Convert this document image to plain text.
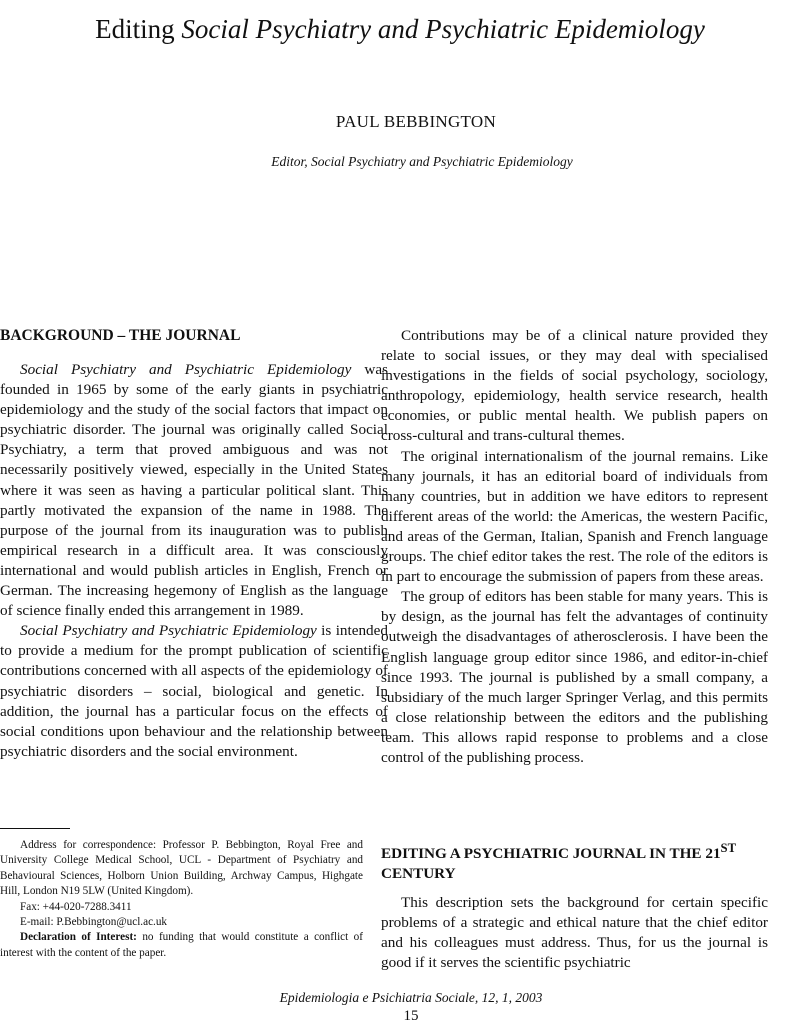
Editing Social Psychiatry and Psychiatric Epidemiology
PAUL BEBBINGTON
Editor, Social Psychiatry and Psychiatric Epidemiology
BACKGROUND – THE JOURNAL

Social Psychiatry and Psychiatric Epidemiology was founded in 1965 by some of the early giants in psychiatric epidemiology and the study of the social factors that impact on psychiatric disorder. The journal was originally called Social Psychiatry, a term that proved ambiguous and was not necessarily positively viewed, especially in the United States where it was seen as having a particular political slant. This partly motivated the expansion of the name in 1988. The purpose of the journal from its inauguration was to publish empirical research in a difficult area. It was consciously international and would publish articles in English, French or German. The increasing hegemony of English as the language of science finally ended this arrangement in 1989.

Social Psychiatry and Psychiatric Epidemiology is intended to provide a medium for the prompt publication of scientific contributions concerned with all aspects of the epidemiology of psychiatric disorders – social, biological and genetic. In addition, the journal has a particular focus on the effects of social conditions upon behaviour and the relationship between psychiatric disorders and the social environment.

Contributions may be of a clinical nature provided they relate to social issues, or they may deal with specialised investigations in the fields of social psychology, sociology, anthropology, epidemiology, health service research, health economies, or public mental health. We publish papers on cross-cultural and trans-cultural themes.

The original internationalism of the journal remains. Like many journals, it has an editorial board of individuals from many countries, but in addition we have editors to represent different areas of the world: the Americas, the western Pacific, and areas of the German, Italian, Spanish and French language groups. The chief editor takes the rest. The role of the editors is in part to encourage the submission of papers from these areas.

The group of editors has been stable for many years. This is by design, as the journal has felt the advantages of continuity outweigh the disadvantages of atherosclerosis. I have been the English language group editor since 1986, and editor-in-chief since 1993. The journal is published by a small company, a subsidiary of the much larger Springer Verlag, and this permits a close relationship between the editors and the publishing team. This allows rapid response to problems and a close control of the publishing process.

EDITING A PSYCHIATRIC JOURNAL IN THE 21ST CENTURY

This description sets the background for certain specific problems of a strategic and ethical nature that the chief editor and his colleagues must address. Thus, for us the journal is good if it serves the scientific psychiatric

Address for correspondence: Professor P. Bebbington, Royal Free and University College Medical School, UCL - Department of Psychiatry and Behavioural Sciences, Holborn Union Building, Archway Campus, Highgate Hill, London N19 5LW (United Kingdom).
Fax: +44-020-7288.3411
E-mail: P.Bebbington@ucl.ac.uk
Declaration of Interest: no funding that would constitute a conflict of interest with the content of the paper.
Epidemiologia e Psichiatria Sociale, 12, 1, 2003
15
